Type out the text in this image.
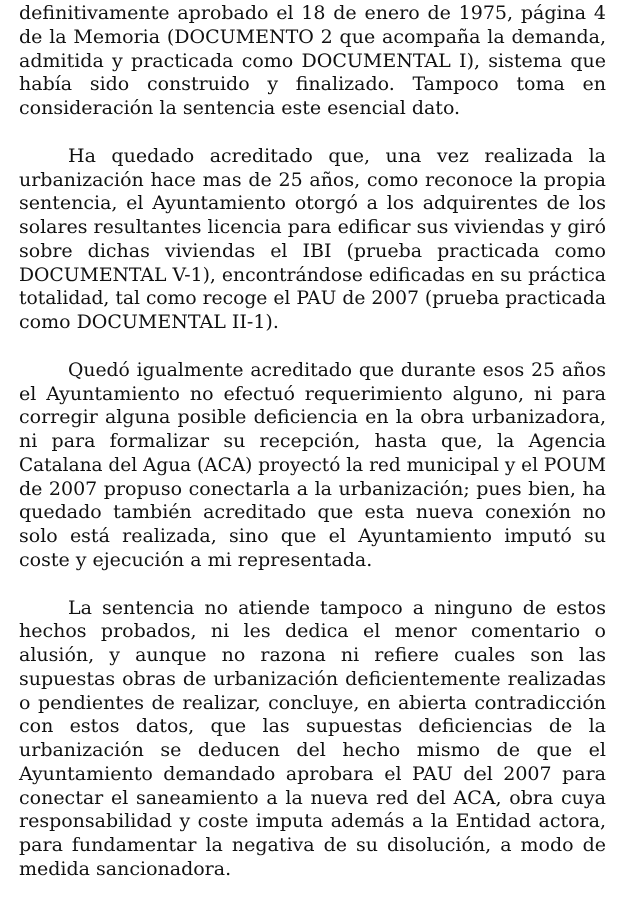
definitivamente aprobado el 18 de enero de 1975, página 4
de la Memoria (DOCUMENTO 2 que acompaña la demanda,
admitida y practicada como DOCUMENTAL I), sistema que
había sido construido y finalizado. Tampoco toma en
consideración la sentencia este esencial dato.
Ha quedado acreditado que, una vez realizada la
urbanización hace mas de 25 años, como reconoce la propia
sentencia, el Ayuntamiento otorgó a los adquirentes de los
solares resultantes licencia para edificar sus viviendas y giró
sobre dichas viviendas el IBI (prueba practicada como
DOCUMENTAL V-1), encontrándose edificadas en su práctica
totalidad, tal como recoge el PAU de 2007 (prueba practicada
como DOCUMENTAL II-1).
Quedó igualmente acreditado que durante esos 25 años
el Ayuntamiento no efectuó requerimiento alguno, ni para
corregir alguna posible deficiencia en la obra urbanizadora,
ni para formalizar su recepción, hasta que, la Agencia
Catalana del Agua (ACA) proyectó la red municipal y el POUM
de 2007 propuso conectarla a la urbanización; pues bien, ha
quedado también acreditado que esta nueva conexión no
solo está realizada, sino que el Ayuntamiento imputó su
coste y ejecución a mi representada.
La sentencia no atiende tampoco a ninguno de estos
hechos probados, ni les dedica el menor comentario o
alusión, y aunque no razona ni refiere cuales son las
supuestas obras de urbanización deficientemente realizadas
o pendientes de realizar, concluye, en abierta contradicción
con estos datos, que las supuestas deficiencias de la
urbanización se deducen del hecho mismo de que el
Ayuntamiento demandado aprobara el PAU del 2007 para
conectar el saneamiento a la nueva red del ACA, obra cuya
responsabilidad y coste imputa además a la Entidad actora,
para fundamentar la negativa de su disolución, a modo de
medida sancionadora.
